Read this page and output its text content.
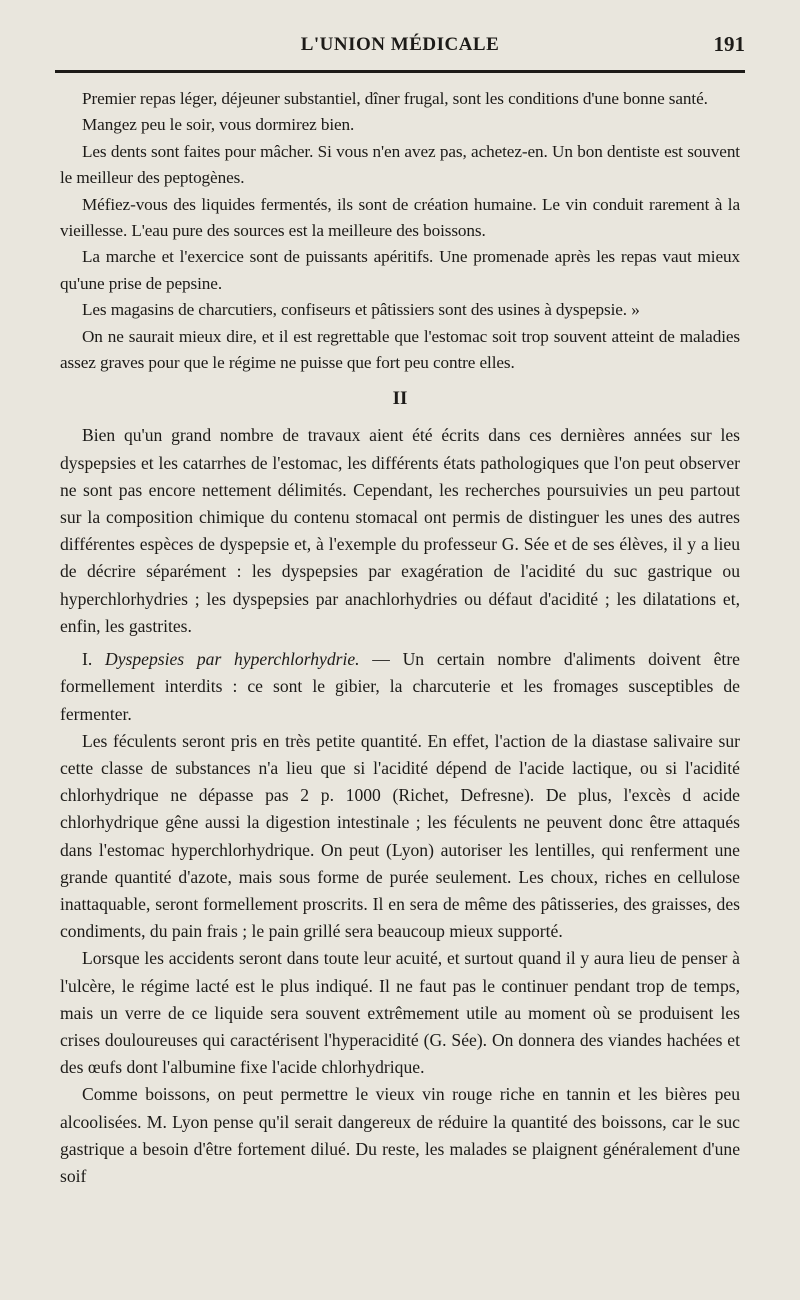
L'UNION MÉDICALE	191

Premier repas léger, déjeuner substantiel, dîner frugal, sont les conditions d'une bonne santé.

Mangez peu le soir, vous dormirez bien.

Les dents sont faites pour mâcher. Si vous n'en avez pas, achetez-en. Un bon dentiste est souvent le meilleur des peptogènes.

Méfiez-vous des liquides fermentés, ils sont de création humaine. Le vin conduit rarement à la vieillesse. L'eau pure des sources est la meilleure des boissons.

La marche et l'exercice sont de puissants apéritifs. Une promenade après les repas vaut mieux qu'une prise de pepsine.

Les magasins de charcutiers, confiseurs et pâtissiers sont des usines à dyspepsie. »

On ne saurait mieux dire, et il est regrettable que l'estomac soit trop souvent atteint de maladies assez graves pour que le régime ne puisse que fort peu contre elles.

II

Bien qu'un grand nombre de travaux aient été écrits dans ces dernières années sur les dyspepsies et les catarrhes de l'estomac, les différents états pathologiques que l'on peut observer ne sont pas encore nettement délimités. Cependant, les recherches poursuivies un peu partout sur la composition chimique du contenu stomacal ont permis de distinguer les unes des autres différentes espèces de dyspepsie et, à l'exemple du professeur G. Sée et de ses élèves, il y a lieu de décrire séparément : les dyspepsies par exagération de l'acidité du suc gastrique ou hyperchlorhydries ; les dyspepsies par anachlorhydries ou défaut d'acidité ; les dilatations et, enfin, les gastrites.

I. Dyspepsies par hyperchlorhydrie. — Un certain nombre d'aliments doivent être formellement interdits : ce sont le gibier, la charcuterie et les fromages susceptibles de fermenter.

Les féculents seront pris en très petite quantité. En effet, l'action de la diastase salivaire sur cette classe de substances n'a lieu que si l'acidité dépend de l'acide lactique, ou si l'acidité chlorhydrique ne dépasse pas 2 p. 1000 (Richet, Defresne). De plus, l'excès d acide chlorhydrique gêne aussi la digestion intestinale ; les féculents ne peuvent donc être attaqués dans l'estomac hyperchlorhydrique. On peut (Lyon) autoriser les lentilles, qui renferment une grande quantité d'azote, mais sous forme de purée seulement. Les choux, riches en cellulose inattaquable, seront formellement proscrits. Il en sera de même des pâtisseries, des graisses, des condiments, du pain frais ; le pain grillé sera beaucoup mieux supporté.

Lorsque les accidents seront dans toute leur acuité, et surtout quand il y aura lieu de penser à l'ulcère, le régime lacté est le plus indiqué. Il ne faut pas le continuer pendant trop de temps, mais un verre de ce liquide sera souvent extrêmement utile au moment où se produisent les crises douloureuses qui caractérisent l'hyperacidité (G. Sée). On donnera des viandes hachées et des œufs dont l'albumine fixe l'acide chlorhydrique.

Comme boissons, on peut permettre le vieux vin rouge riche en tannin et les bières peu alcoolisées. M. Lyon pense qu'il serait dangereux de réduire la quantité des boissons, car le suc gastrique a besoin d'être fortement dilué. Du reste, les malades se plaignent généralement d'une soif
